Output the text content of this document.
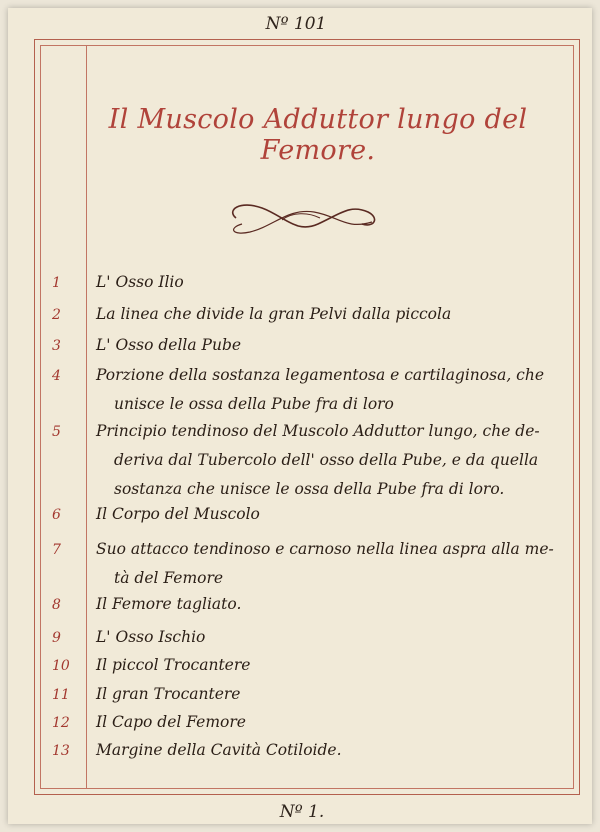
Nº 101
Il Muscolo Adduttor lungo del Femore.
1	L' Osso Ilio
2	La linea che divide la gran Pelvi dalla piccola
3	L' Osso della Pube
4	Porzione della sostanza legamentosa e cartilaginosa, che
unisce le ossa della Pube fra di loro
5	Principio tendinoso del Muscolo Adduttor lungo, che de-
deriva dal Tubercolo dell' osso della Pube, e da quella
sostanza che unisce le ossa della Pube fra di loro.
6	Il Corpo del Muscolo
7	Suo attacco tendinoso e carnoso nella linea aspra alla me-
tà del Femore
8	Il Femore tagliato.
9	L' Osso Ischio
10	Il piccol Trocantere
11	Il gran Trocantere
12	Il Capo del Femore
13	Margine della Cavità Cotiloide.
Nº 1.
